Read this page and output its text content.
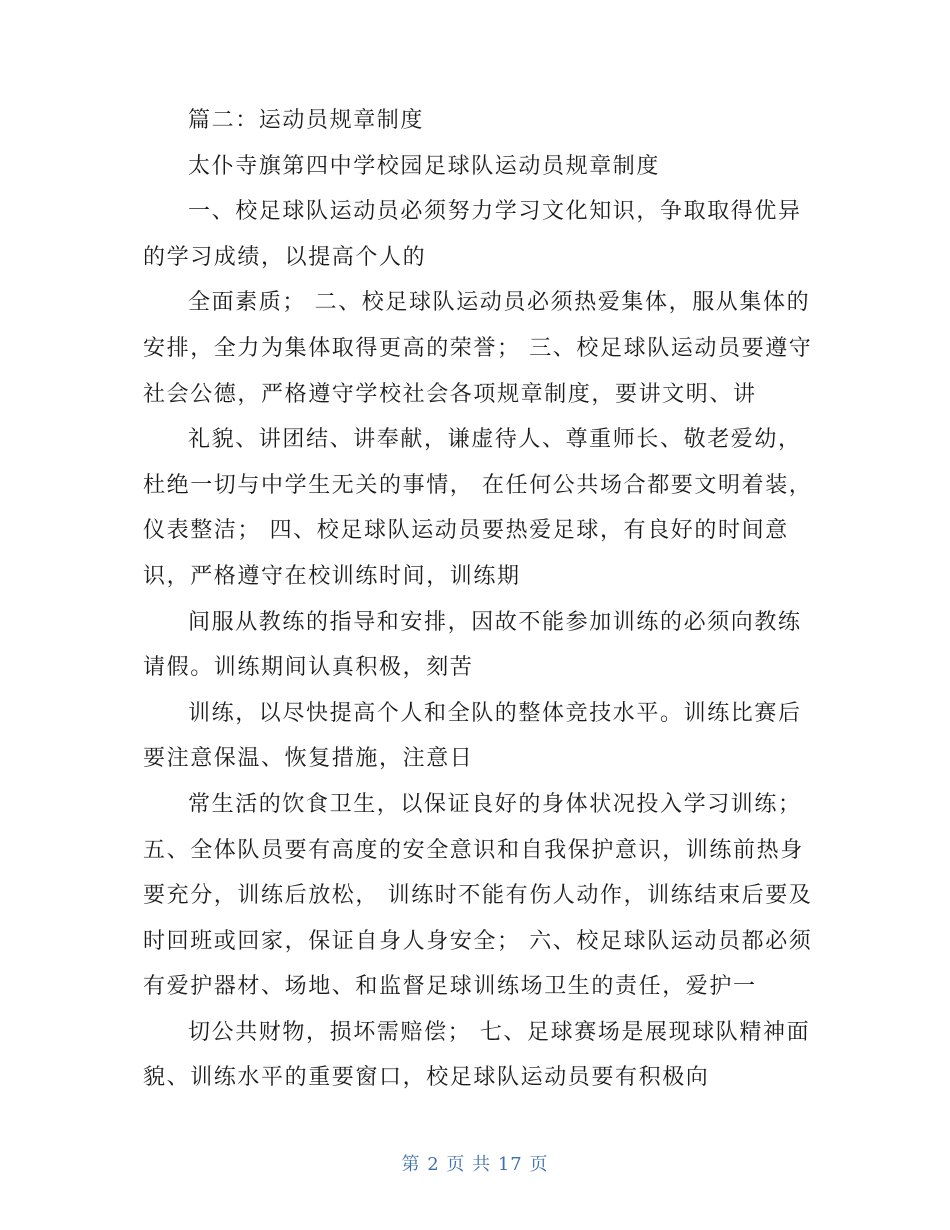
篇二：运动员规章制度
太仆寺旗第四中学校园足球队运动员规章制度
一、校足球队运动员必须努力学习文化知识，争取取得优异
的学习成绩，以提高个人的
全面素质； 二、校足球队运动员必须热爱集体，服从集体的
安排，全力为集体取得更高的荣誉； 三、校足球队运动员要遵守
社会公德，严格遵守学校社会各项规章制度，要讲文明、讲
礼貌、讲团结、讲奉献，谦虚待人、尊重师长、敬老爱幼，
杜绝一切与中学生无关的事情， 在任何公共场合都要文明着装，
仪表整洁； 四、校足球队运动员要热爱足球，有良好的时间意
识，严格遵守在校训练时间，训练期
间服从教练的指导和安排，因故不能参加训练的必须向教练
请假。训练期间认真积极，刻苦
训练，以尽快提高个人和全队的整体竞技水平。训练比赛后
要注意保温、恢复措施，注意日
常生活的饮食卫生，以保证良好的身体状况投入学习训练；
五、全体队员要有高度的安全意识和自我保护意识，训练前热身
要充分，训练后放松， 训练时不能有伤人动作，训练结束后要及
时回班或回家，保证自身人身安全； 六、校足球队运动员都必须
有爱护器材、场地、和监督足球训练场卫生的责任，爱护一
切公共财物，损坏需赔偿； 七、足球赛场是展现球队精神面
貌、训练水平的重要窗口，校足球队运动员要有积极向
第 2 页 共 17 页
